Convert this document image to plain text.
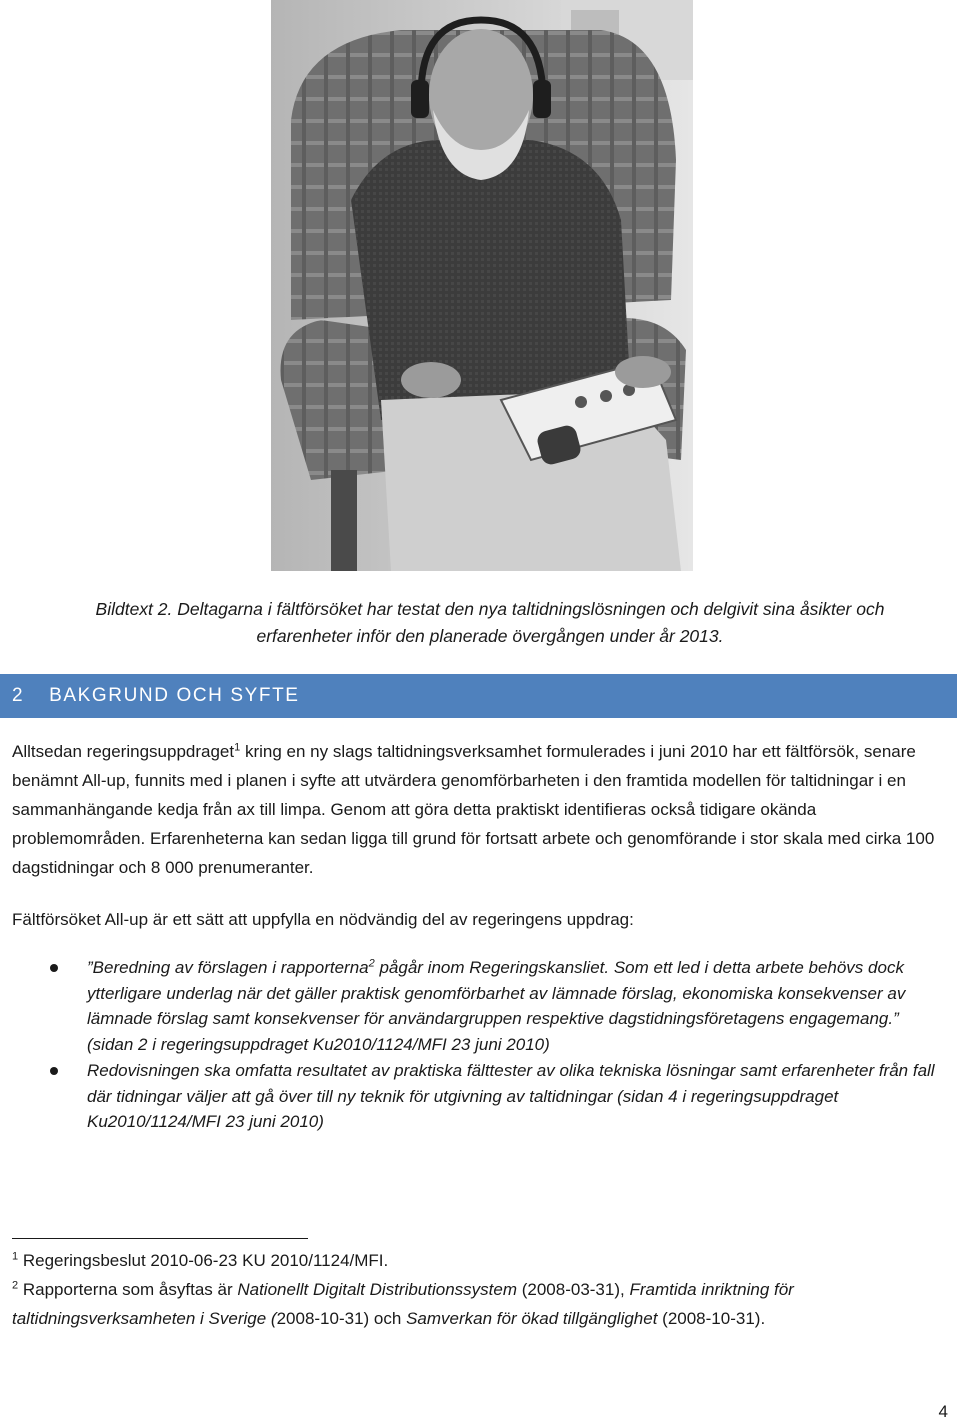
Bildtext 2. Deltagarna i fältförsöket har testat den nya taltidningslösningen och delgivit sina åsikter och
erfarenheter inför den planerade övergången under år 2013.
2 BAKGRUND OCH SYFTE
Alltsedan regeringsuppdraget$^1$ kring en ny slags taltidningsverksamhet formulerades i juni 2010 har ett fältförsök, senare benämnt All-up, funnits med i planen i syfte att utvärdera genomförbarheten i den framtida modellen för taltidningar i en sammanhängande kedja från ax till limpa. Genom att göra detta praktiskt identifieras också tidigare okända problemområden. Erfarenheterna kan sedan ligga till grund för fortsatt arbete och genomförande i stor skala med cirka 100 dagstidningar och 8 000 prenumeranter.
Fältförsöket All-up är ett sätt att uppfylla en nödvändig del av regeringens uppdrag:
”Beredning av förslagen i rapporterna$^2$ pågår inom Regeringskansliet. Som ett led i detta arbete behövs dock ytterligare underlag när det gäller praktisk genomförbarhet av lämnade förslag, ekonomiska konsekvenser av lämnade förslag samt konsekvenser för användargruppen respektive dagstidningsföretagens engagemang.” (sidan 2 i regeringsuppdraget Ku2010/1124/MFI 23 juni 2010)
Redovisningen ska omfatta resultatet av praktiska fälttester av olika tekniska lösningar samt erfarenheter från fall där tidningar väljer att gå över till ny teknik för utgivning av taltidningar (sidan 4 i regeringsuppdraget Ku2010/1124/MFI 23 juni 2010)
$^1$ Regeringsbeslut 2010-06-23 KU 2010/1124/MFI.
$^2$ Rapporterna som åsyftas är Nationellt Digitalt Distributionssystem (2008-03-31), Framtida inriktning för taltidningsverksamheten i Sverige (2008-10-31) och Samverkan för ökad tillgänglighet (2008-10-31).
4
